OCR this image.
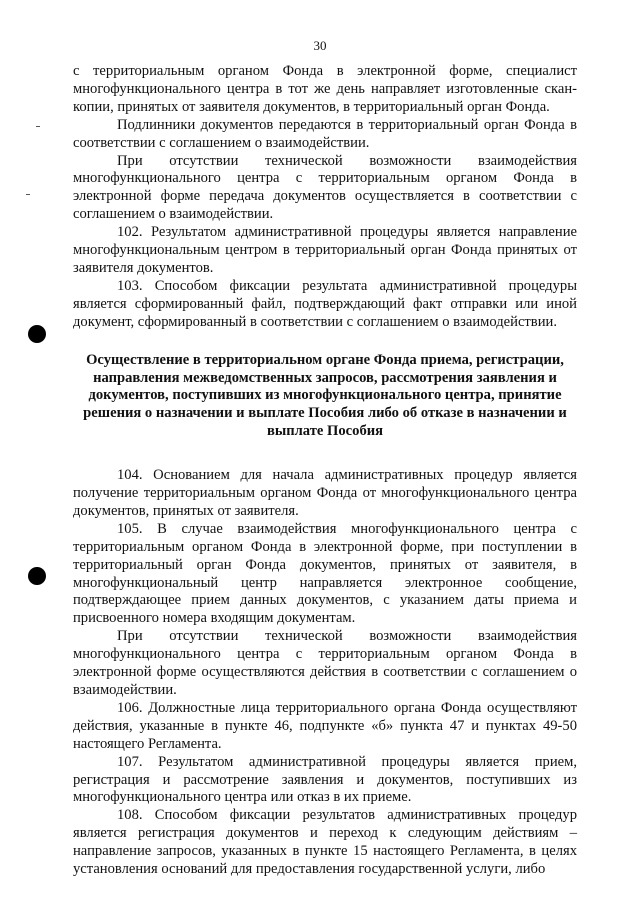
30

с территориальным органом Фонда в электронной форме, специалист многофункционального центра в тот же день направляет изготовленные скан-копии, принятых от заявителя документов, в территориальный орган Фонда.

Подлинники документов передаются в территориальный орган Фонда в соответствии с соглашением о взаимодействии.

При отсутствии технической возможности взаимодействия многофункционального центра с территориальным органом Фонда в электронной форме передача документов осуществляется в соответствии с соглашением о взаимодействии.

102. Результатом административной процедуры является направление многофункциональным центром в территориальный орган Фонда принятых от заявителя документов.

103. Способом фиксации результата административной процедуры является сформированный файл, подтверждающий факт отправки или иной документ, сформированный в соответствии с соглашением о взаимодействии.

Осуществление в территориальном органе Фонда приема, регистрации, направления межведомственных запросов, рассмотрения заявления и документов, поступивших из многофункционального центра, принятие решения о назначении и выплате Пособия либо об отказе в назначении и выплате Пособия

104. Основанием для начала административных процедур является получение территориальным органом Фонда от многофункционального центра документов, принятых от заявителя.

105. В случае взаимодействия многофункционального центра с территориальным органом Фонда в электронной форме, при поступлении в территориальный орган Фонда документов, принятых от заявителя, в многофункциональный центр направляется электронное сообщение, подтверждающее прием данных документов, с указанием даты приема и присвоенного номера входящим документам.

При отсутствии технической возможности взаимодействия многофункционального центра с территориальным органом Фонда в электронной форме осуществляются действия в соответствии с соглашением о взаимодействии.

106. Должностные лица территориального органа Фонда осуществляют действия, указанные в пункте 46, подпункте «б» пункта 47 и пунктах 49-50 настоящего Регламента.

107. Результатом административной процедуры является прием, регистрация и рассмотрение заявления и документов, поступивших из многофункционального центра или отказ в их приеме.

108. Способом фиксации результатов административных процедур является регистрация документов и переход к следующим действиям – направление запросов, указанных в пункте 15 настоящего Регламента, в целях установления оснований для предоставления государственной услуги, либо
